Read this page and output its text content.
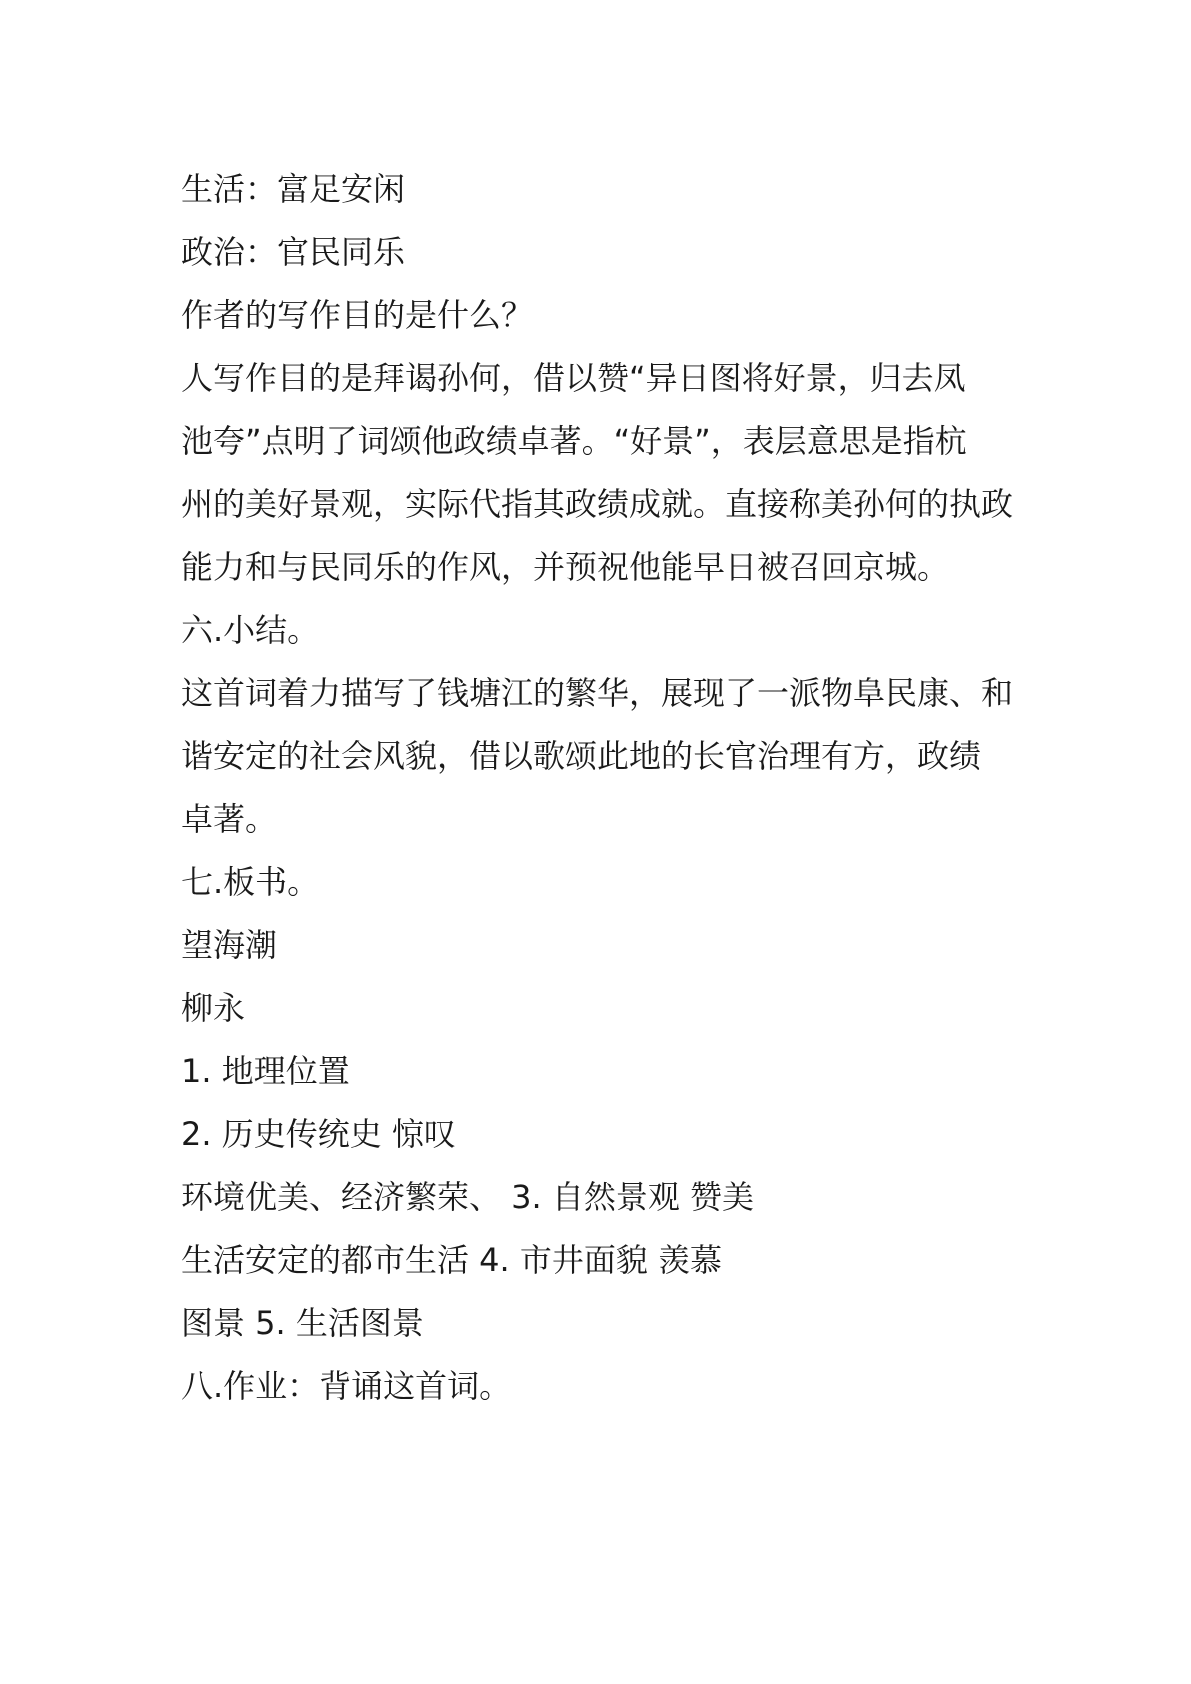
生活：富足安闲
政治：官民同乐
作者的写作目的是什么？
人写作目的是拜谒孙何，借以赞“异日图将好景，归去凤
池夸”点明了词颂他政绩卓著。“好景”，表层意思是指杭
州的美好景观，实际代指其政绩成就。直接称美孙何的执政
能力和与民同乐的作风，并预祝他能早日被召回京城。
六.小结。
这首词着力描写了钱塘江的繁华，展现了一派物阜民康、和
谐安定的社会风貌，借以歌颂此地的长官治理有方，政绩
卓著。
七.板书。
望海潮
柳永
1. 地理位置
2. 历史传统史 惊叹
环境优美、经济繁荣、 3. 自然景观 赞美
生活安定的都市生活 4. 市井面貌 羡慕
图景 5. 生活图景
八.作业：背诵这首词。
